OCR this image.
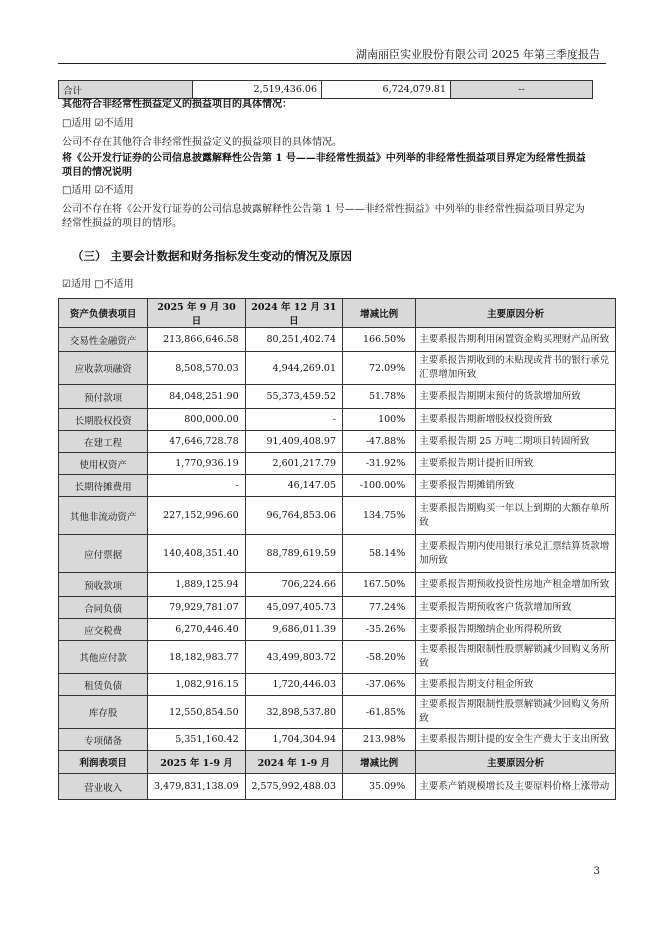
湖南丽臣实业股份有限公司 2025 年第三季度报告
合计	2,519,436.06	6,724,079.81	--
其他符合非经常性损益定义的损益项目的具体情况：
□适用 ☑不适用
公司不存在其他符合非经常性损益定义的损益项目的具体情况。
将《公开发行证券的公司信息披露解释性公告第 1 号——非经常性损益》中列举的非经常性损益项目界定为经常性损益
项目的情况说明
□适用 ☑不适用
公司不存在将《公开发行证券的公司信息披露解释性公告第 1 号——非经常性损益》中列举的非经常性损益项目界定为
经常性损益的项目的情形。
（三） 主要会计数据和财务指标发生变动的情况及原因
☑适用 □不适用
资产负债表项目	2025 年 9 月 30 日	2024 年 12 月 31 日	增减比例	主要原因分析
交易性金融资产	213,866,646.58	80,251,402.74	166.50%	主要系报告期利用闲置资金购买理财产品所致
应收款项融资	8,508,570.03	4,944,269.01	72.09%	主要系报告期收到的未贴现或背书的银行承兑汇票增加所致
预付款项	84,048,251.90	55,373,459.52	51.78%	主要系报告期期末预付的货款增加所致
长期股权投资	800,000.00	-	100%	主要系报告期新增股权投资所致
在建工程	47,646,728.78	91,409,408.97	-47.88%	主要系报告期 25 万吨二期项目转固所致
使用权资产	1,770,936.19	2,601,217.79	-31.92%	主要系报告期计提折旧所致
长期待摊费用	-	46,147.05	-100.00%	主要系报告期摊销所致
其他非流动资产	227,152,996.60	96,764,853.06	134.75%	主要系报告期购买一年以上到期的大额存单所致
应付票据	140,408,351.40	88,789,619.59	58.14%	主要系报告期内使用银行承兑汇票结算货款增加所致
预收款项	1,889,125.94	706,224.66	167.50%	主要系报告期预收投资性房地产租金增加所致
合同负债	79,929,781.07	45,097,405.73	77.24%	主要系报告期预收客户货款增加所致
应交税费	6,270,446.40	9,686,011.39	-35.26%	主要系报告期缴纳企业所得税所致
其他应付款	18,182,983.77	43,499,803.72	-58.20%	主要系报告期限制性股票解锁减少回购义务所致
租赁负债	1,082,916.15	1,720,446.03	-37.06%	主要系报告期支付租金所致
库存股	12,550,854.50	32,898,537.80	-61.85%	主要系报告期限制性股票解锁减少回购义务所致
专项储备	5,351,160.42	1,704,304.94	213.98%	主要系报告期计提的安全生产费大于支出所致
利润表项目	2025 年 1-9 月	2024 年 1-9 月	增减比例	主要原因分析
营业收入	3,479,831,138.09	2,575,992,488.03	35.09%	主要系产销规模增长及主要原料价格上涨带动
3
